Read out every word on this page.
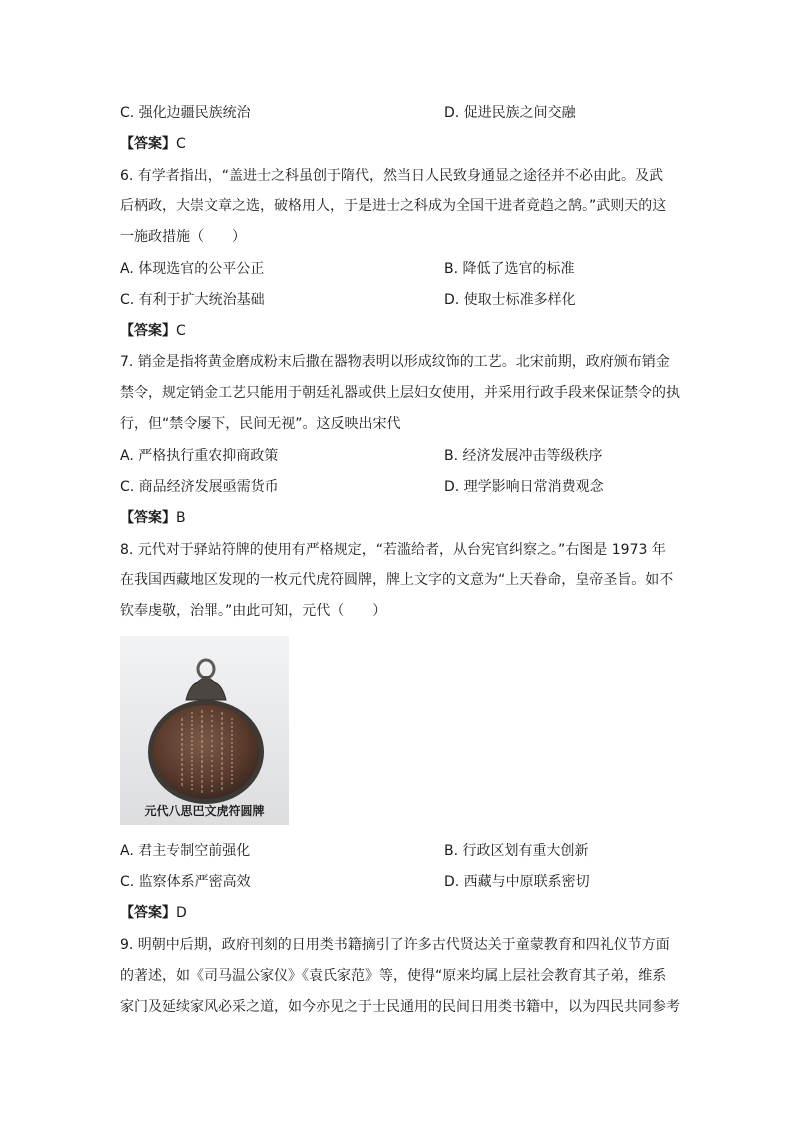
C. 强化边疆民族统治	D. 促进民族之间交融
【答案】C
6. 有学者指出，“盖进士之科虽创于隋代，然当日人民致身通显之途径并不必由此。及武
后柄政，大崇文章之选，破格用人，于是进士之科成为全国干进者竟趋之鹄。”武则天的这
一施政措施（　　）
A. 体现选官的公平公正	B. 降低了选官的标准
C. 有利于扩大统治基础	D. 使取士标准多样化
【答案】C
7. 销金是指将黄金磨成粉末后撒在器物表明以形成纹饰的工艺。北宋前期，政府颁布销金
禁令，规定销金工艺只能用于朝廷礼器或供上层妇女使用，并采用行政手段来保证禁令的执
行，但“禁令屡下，民间无视”。这反映出宋代
A. 严格执行重农抑商政策	B. 经济发展冲击等级秩序
C. 商品经济发展亟需货币	D. 理学影响日常消费观念
【答案】B
8. 元代对于驿站符牌的使用有严格规定，“若滥给者，从台宪官纠察之。”右图是 1973 年
在我国西藏地区发现的一枚元代虎符圆牌，牌上文字的文意为“上天眷命，皇帝圣旨。如不
钦奉虔敬，治罪。”由此可知，元代（　　）
元代八思巴文虎符圆牌
A. 君主专制空前强化	B. 行政区划有重大创新
C. 监察体系严密高效	D. 西藏与中原联系密切
【答案】D
9. 明朝中后期，政府刊刻的日用类书籍摘引了许多古代贤达关于童蒙教育和四礼仪节方面
的著述，如《司马温公家仪》《袁氏家范》等，使得“原来均属上层社会教育其子弟，维系
家门及延续家风必采之道，如今亦见之于士民通用的民间日用类书籍中，以为四民共同参考
